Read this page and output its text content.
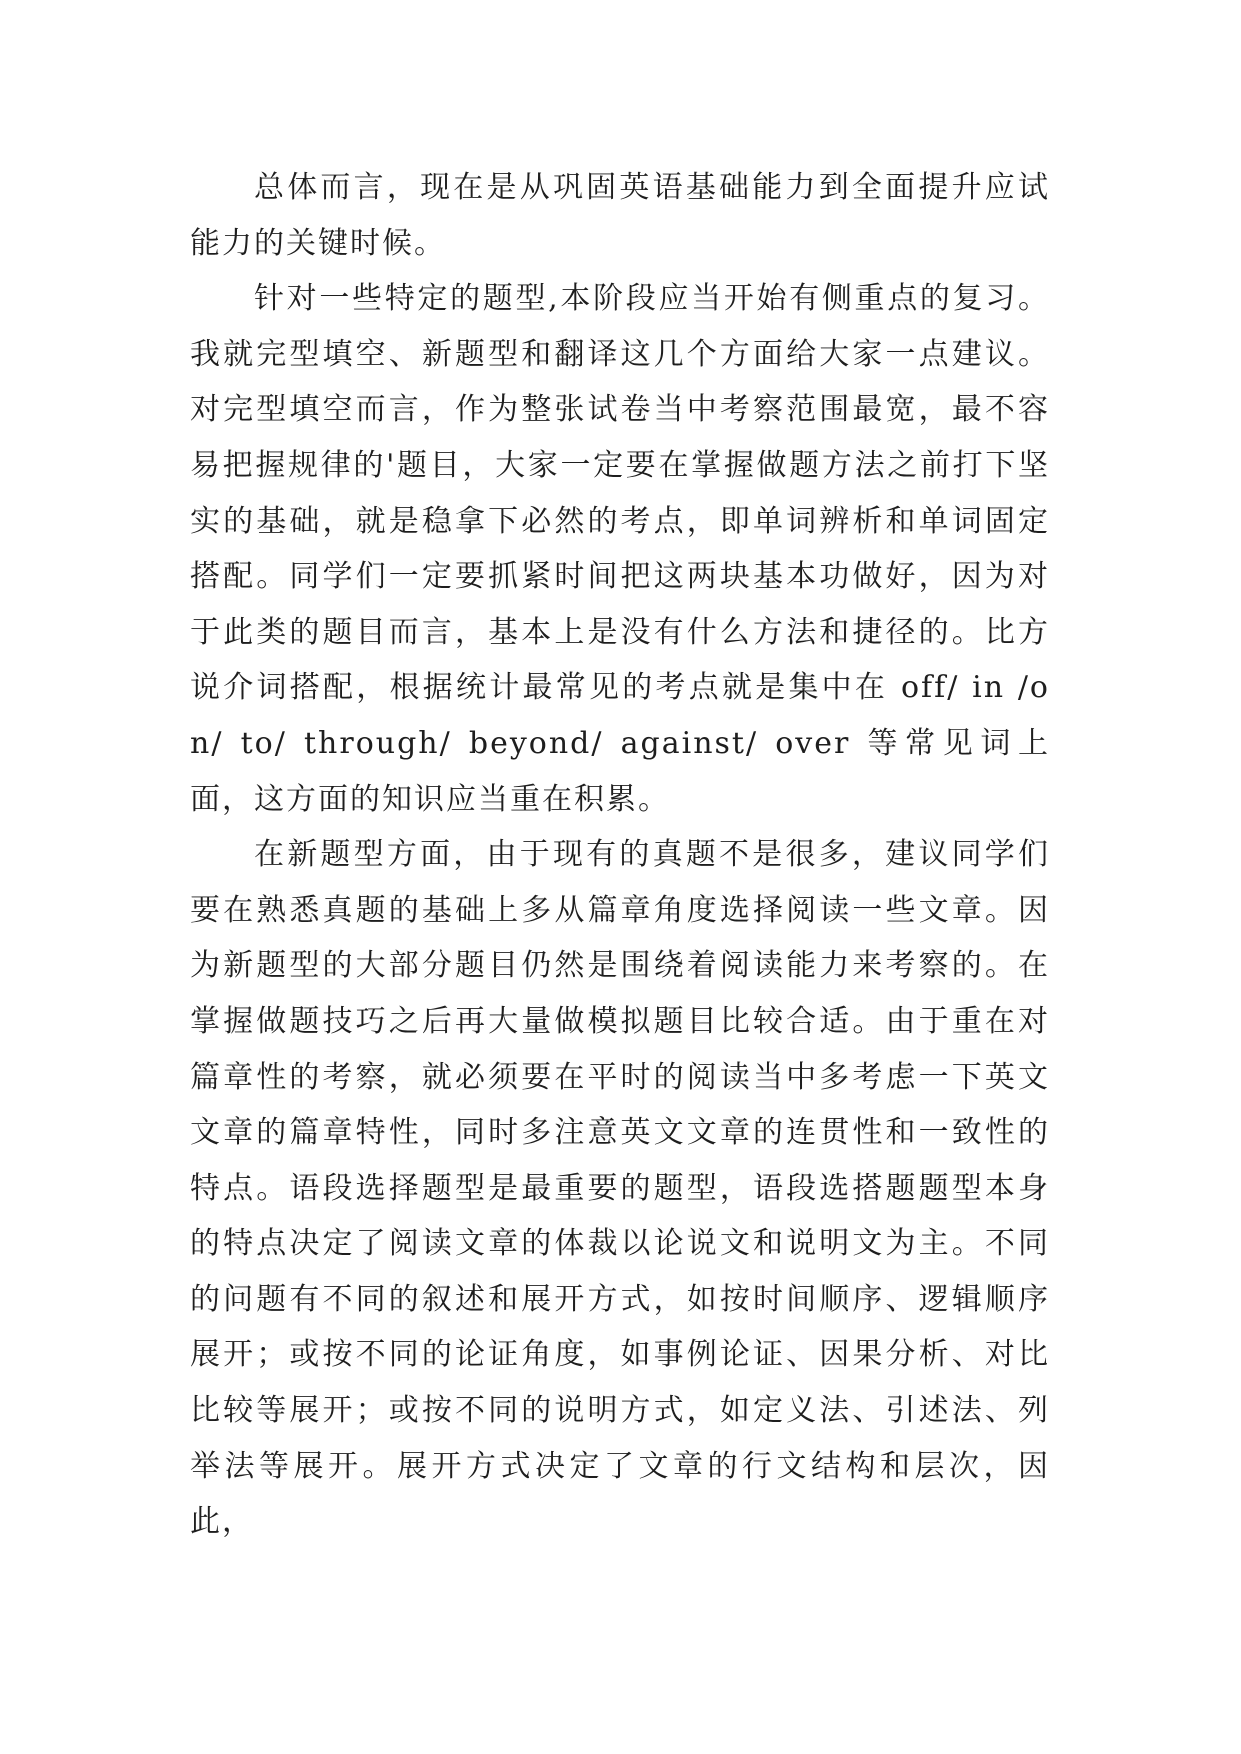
总体而言，现在是从巩固英语基础能力到全面提升应试能力的关键时候。

针对一些特定的题型,本阶段应当开始有侧重点的复习。我就完型填空、新题型和翻译这几个方面给大家一点建议。对完型填空而言，作为整张试卷当中考察范围最宽，最不容易把握规律的'题目，大家一定要在掌握做题方法之前打下坚实的基础，就是稳拿下必然的考点，即单词辨析和单词固定搭配。同学们一定要抓紧时间把这两块基本功做好，因为对于此类的题目而言，基本上是没有什么方法和捷径的。比方说介词搭配，根据统计最常见的考点就是集中在 off/ in /on/ to/ through/ beyond/ against/ over 等常见词上面，这方面的知识应当重在积累。

在新题型方面，由于现有的真题不是很多，建议同学们要在熟悉真题的基础上多从篇章角度选择阅读一些文章。因为新题型的大部分题目仍然是围绕着阅读能力来考察的。在掌握做题技巧之后再大量做模拟题目比较合适。由于重在对篇章性的考察，就必须要在平时的阅读当中多考虑一下英文文章的篇章特性，同时多注意英文文章的连贯性和一致性的特点。语段选择题型是最重要的题型，语段选搭题题型本身的特点决定了阅读文章的体裁以论说文和说明文为主。不同的问题有不同的叙述和展开方式，如按时间顺序、逻辑顺序展开；或按不同的论证角度，如事例论证、因果分析、对比比较等展开；或按不同的说明方式，如定义法、引述法、列举法等展开。展开方式决定了文章的行文结构和层次，因此，
